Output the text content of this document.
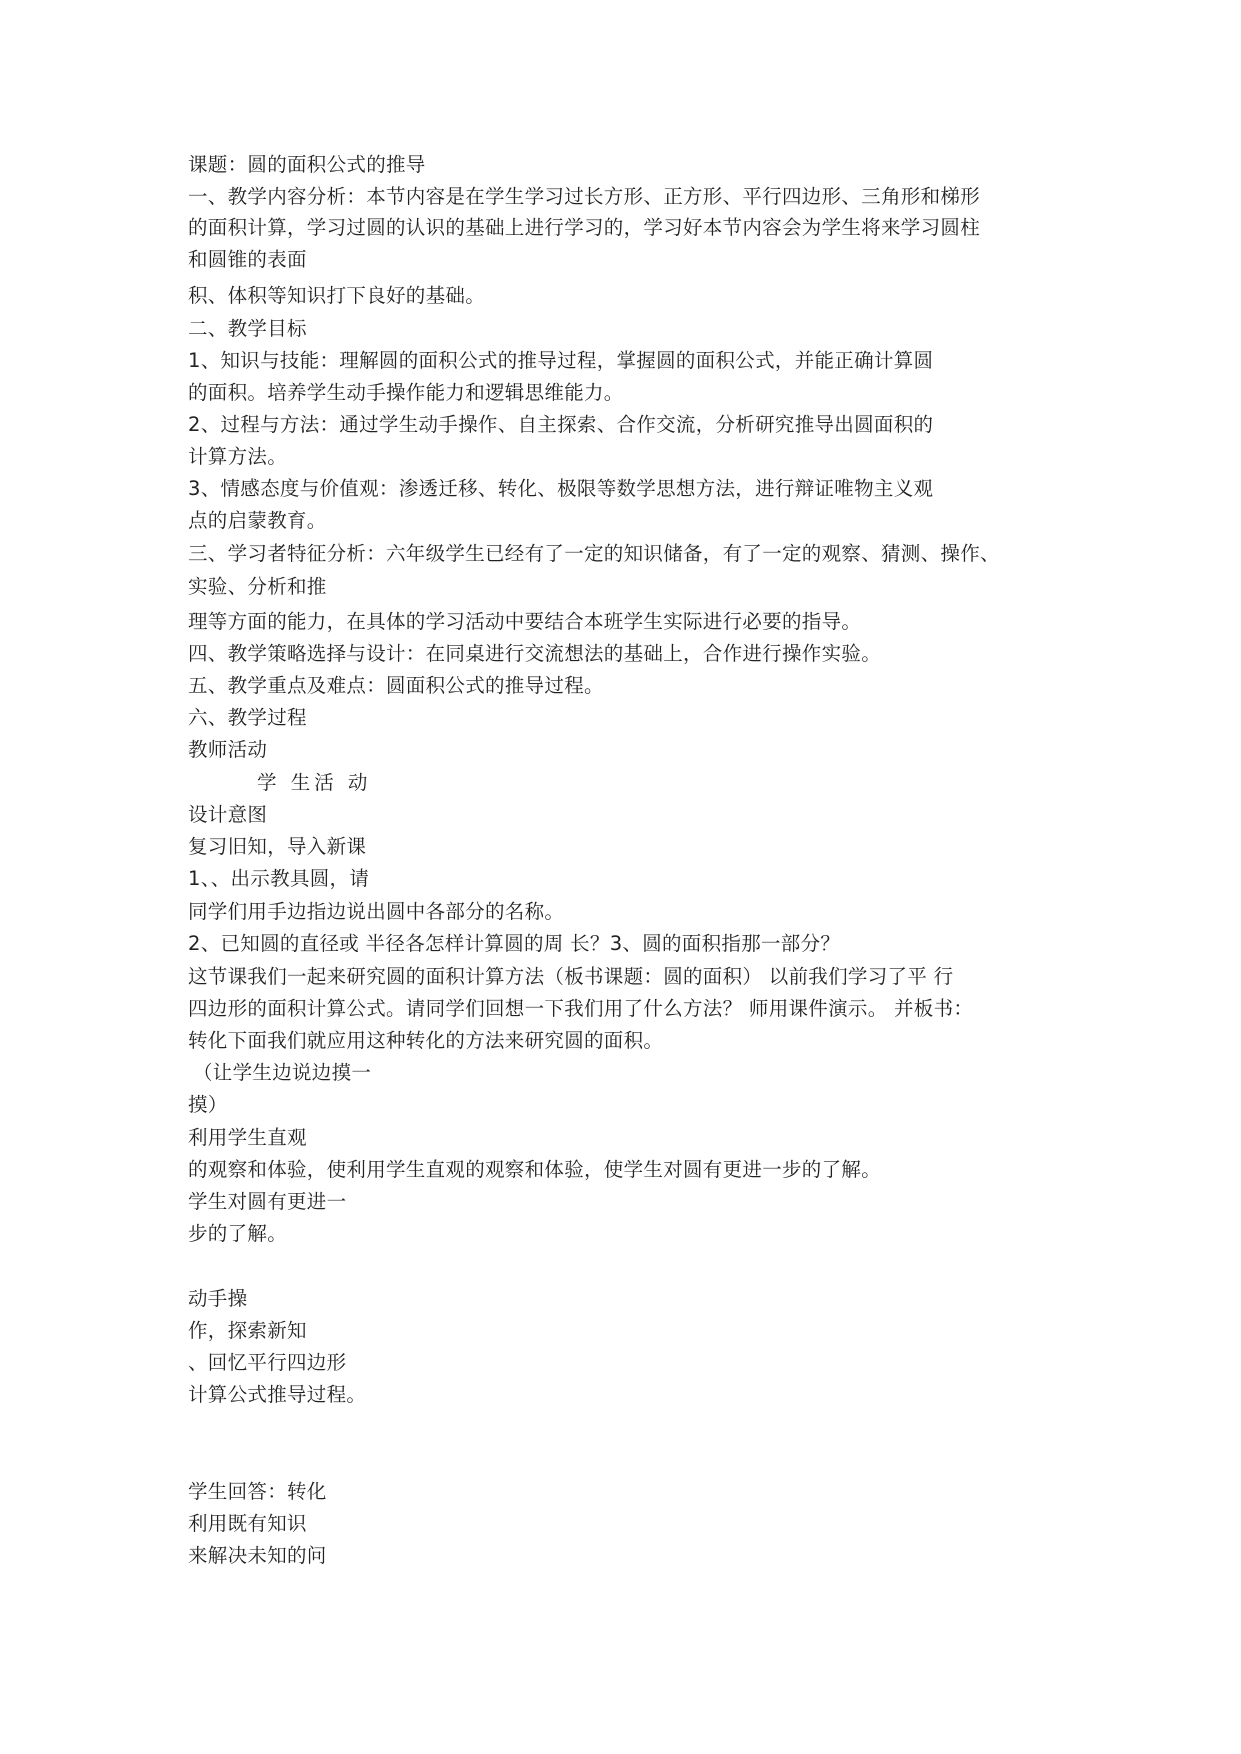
课题：圆的面积公式的推导
一、教学内容分析：本节内容是在学生学习过长方形、正方形、平行四边形、三角形和梯形
的面积计算，学习过圆的认识的基础上进行学习的，学习好本节内容会为学生将来学习圆柱
和圆锥的表面
积、体积等知识打下良好的基础。
二、教学目标
1、知识与技能：理解圆的面积公式的推导过程，掌握圆的面积公式，并能正确计算圆
的面积。培养学生动手操作能力和逻辑思维能力。
2、过程与方法：通过学生动手操作、自主探索、合作交流，分析研究推导出圆面积的
计算方法。
3、情感态度与价值观：渗透迁移、转化、极限等数学思想方法，进行辩证唯物主义观
点的启蒙教育。
三、学习者特征分析：六年级学生已经有了一定的知识储备，有了一定的观察、猜测、操作、
实验、分析和推
理等方面的能力，在具体的学习活动中要结合本班学生实际进行必要的指导。
四、教学策略选择与设计：在同桌进行交流想法的基础上，合作进行操作实验。
五、教学重点及难点：圆面积公式的推导过程。
六、教学过程
教师活动
学 生活 动
设计意图
复习旧知，导入新课
1、、出示教具圆，请
同学们用手边指边说出圆中各部分的名称。
2、已知圆的直径或 半径各怎样计算圆的周 长？3、圆的面积指那一部分？
这节课我们一起来研究圆的面积计算方法（板书课题：圆的面积） 以前我们学习了平 行
四边形的面积计算公式。请同学们回想一下我们用了什么方法？ 师用课件演示。 并板书：
转化下面我们就应用这种转化的方法来研究圆的面积。
（让学生边说边摸一
摸）
利用学生直观
的观察和体验，使利用学生直观的观察和体验，使学生对圆有更进一步的了解。
学生对圆有更进一
步的了解。
动手操
作，探索新知
、回忆平行四边形
计算公式推导过程。
学生回答：转化
利用既有知识
来解决未知的问
